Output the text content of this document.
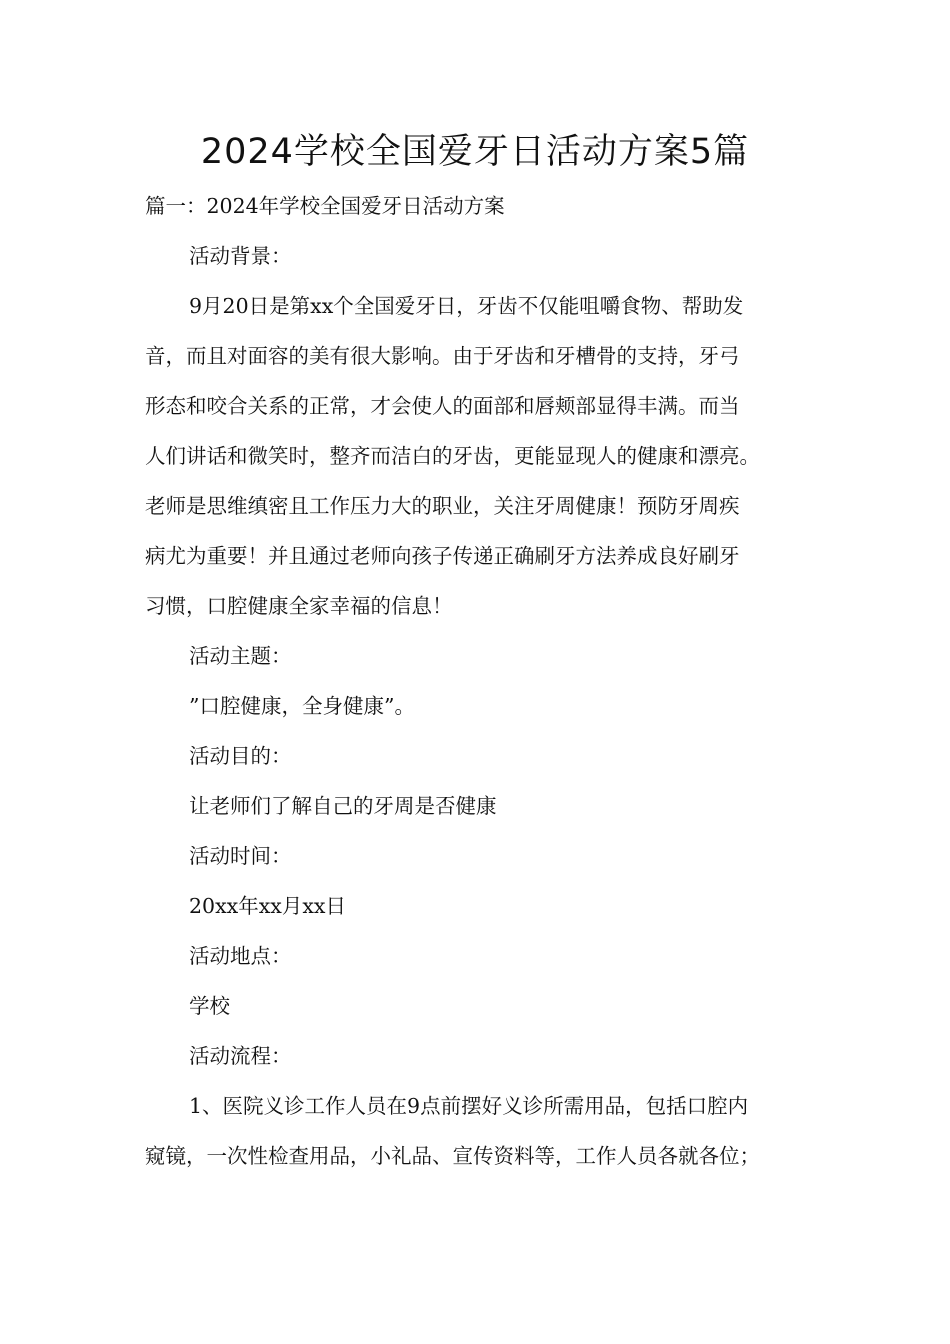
2024学校全国爱牙日活动方案5篇

篇一：2024年学校全国爱牙日活动方案

活动背景：

9月20日是第xx个全国爱牙日，牙齿不仅能咀嚼食物、帮助发

音，而且对面容的美有很大影响。由于牙齿和牙槽骨的支持，牙弓

形态和咬合关系的正常，才会使人的面部和唇颊部显得丰满。而当

人们讲话和微笑时，整齐而洁白的牙齿，更能显现人的健康和漂亮。

老师是思维缜密且工作压力大的职业，关注牙周健康！预防牙周疾

病尤为重要！并且通过老师向孩子传递正确刷牙方法养成良好刷牙

习惯，口腔健康全家幸福的信息！

活动主题：

”口腔健康，全身健康”。

活动目的：

让老师们了解自己的牙周是否健康

活动时间：

20xx年xx月xx日

活动地点：

学校

活动流程：

1、医院义诊工作人员在9点前摆好义诊所需用品，包括口腔内

窥镜，一次性检查用品，小礼品、宣传资料等，工作人员各就各位；
